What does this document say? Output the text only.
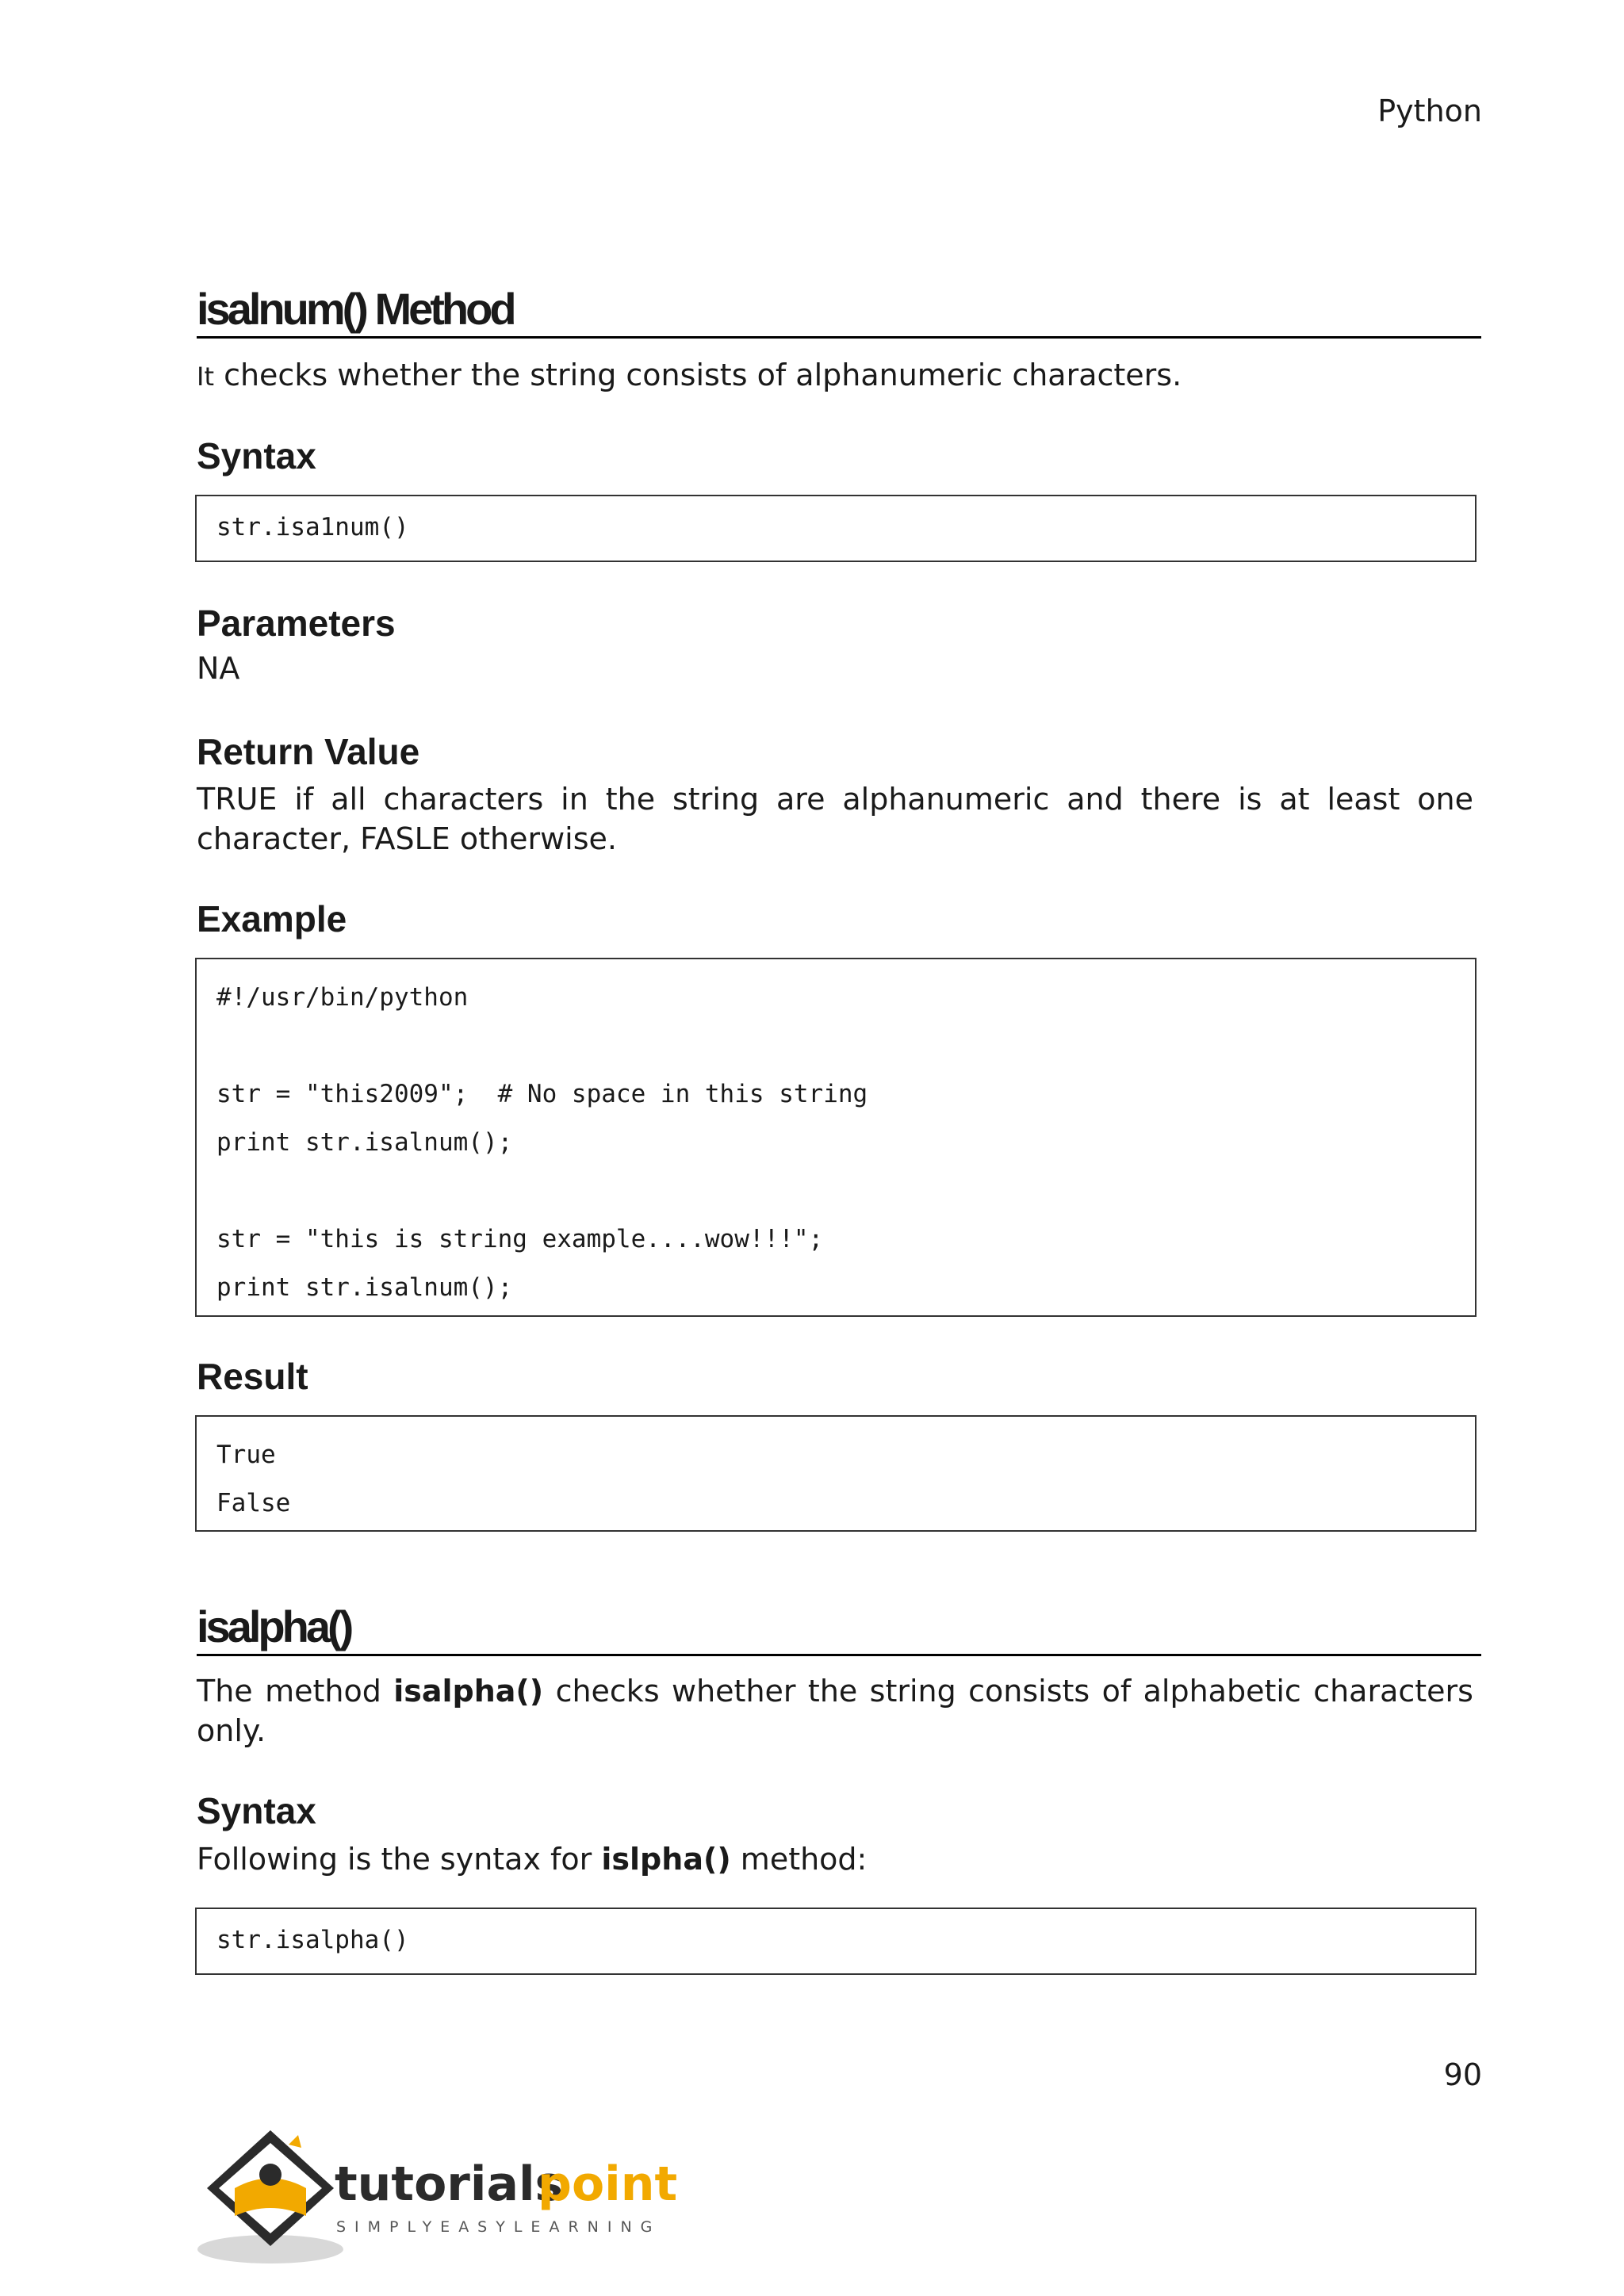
Python
isalnum() Method
It checks whether the string consists of alphanumeric characters.
Syntax
str.isa1num()
Parameters
NA
Return Value
TRUE if all characters in the string are alphanumeric and there is at least one character, FASLE otherwise.
Example
#!/usr/bin/python
str = "this2009";  # No space in this string
print str.isalnum();
str = "this is string example....wow!!!";
print str.isalnum();
Result
True
False
isalpha()
The method isalpha() checks whether the string consists of alphabetic characters only.
Syntax
Following is the syntax for islpha() method:
str.isalpha()
90
tutorials
point
SIMPLYEASYLEARNING
